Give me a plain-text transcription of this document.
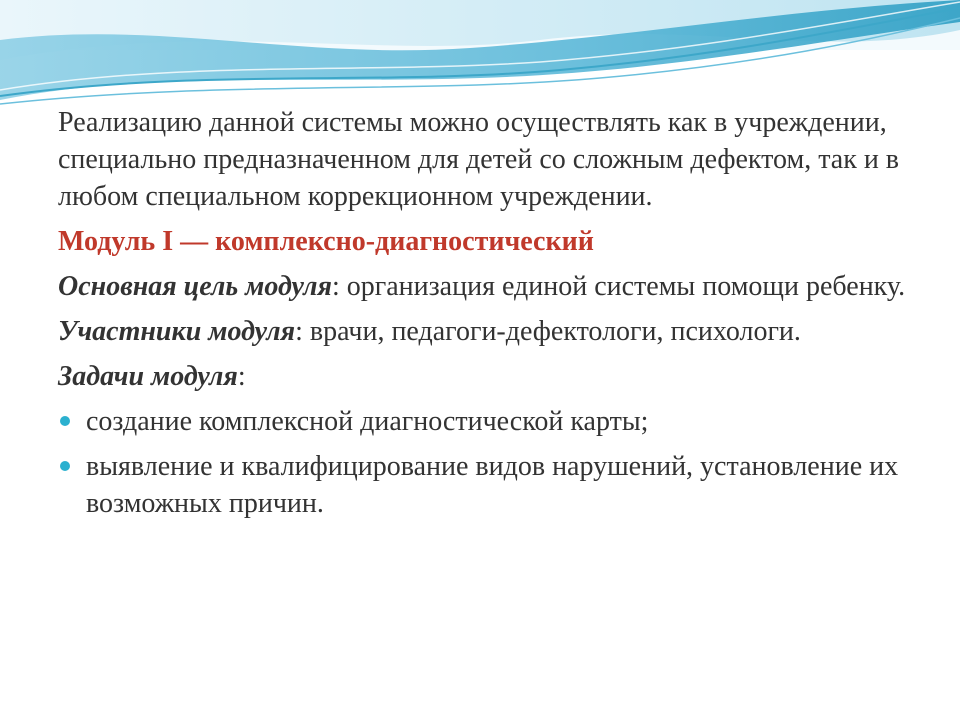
Реализацию данной системы можно осуществлять как в учреждении, специально предназначенном для детей со сложным дефектом, так и в любом специальном коррекционном учреждении.

Модуль I — комплексно-диагностический

Основная цель модуля: организация единой системы помощи ребенку.

Участники модуля: врачи, педагоги-дефектологи, психологи.

Задачи модуля:

создание комплексной диагностической карты;
выявление и квалифицирование видов нарушений, установление их возможных причин.
